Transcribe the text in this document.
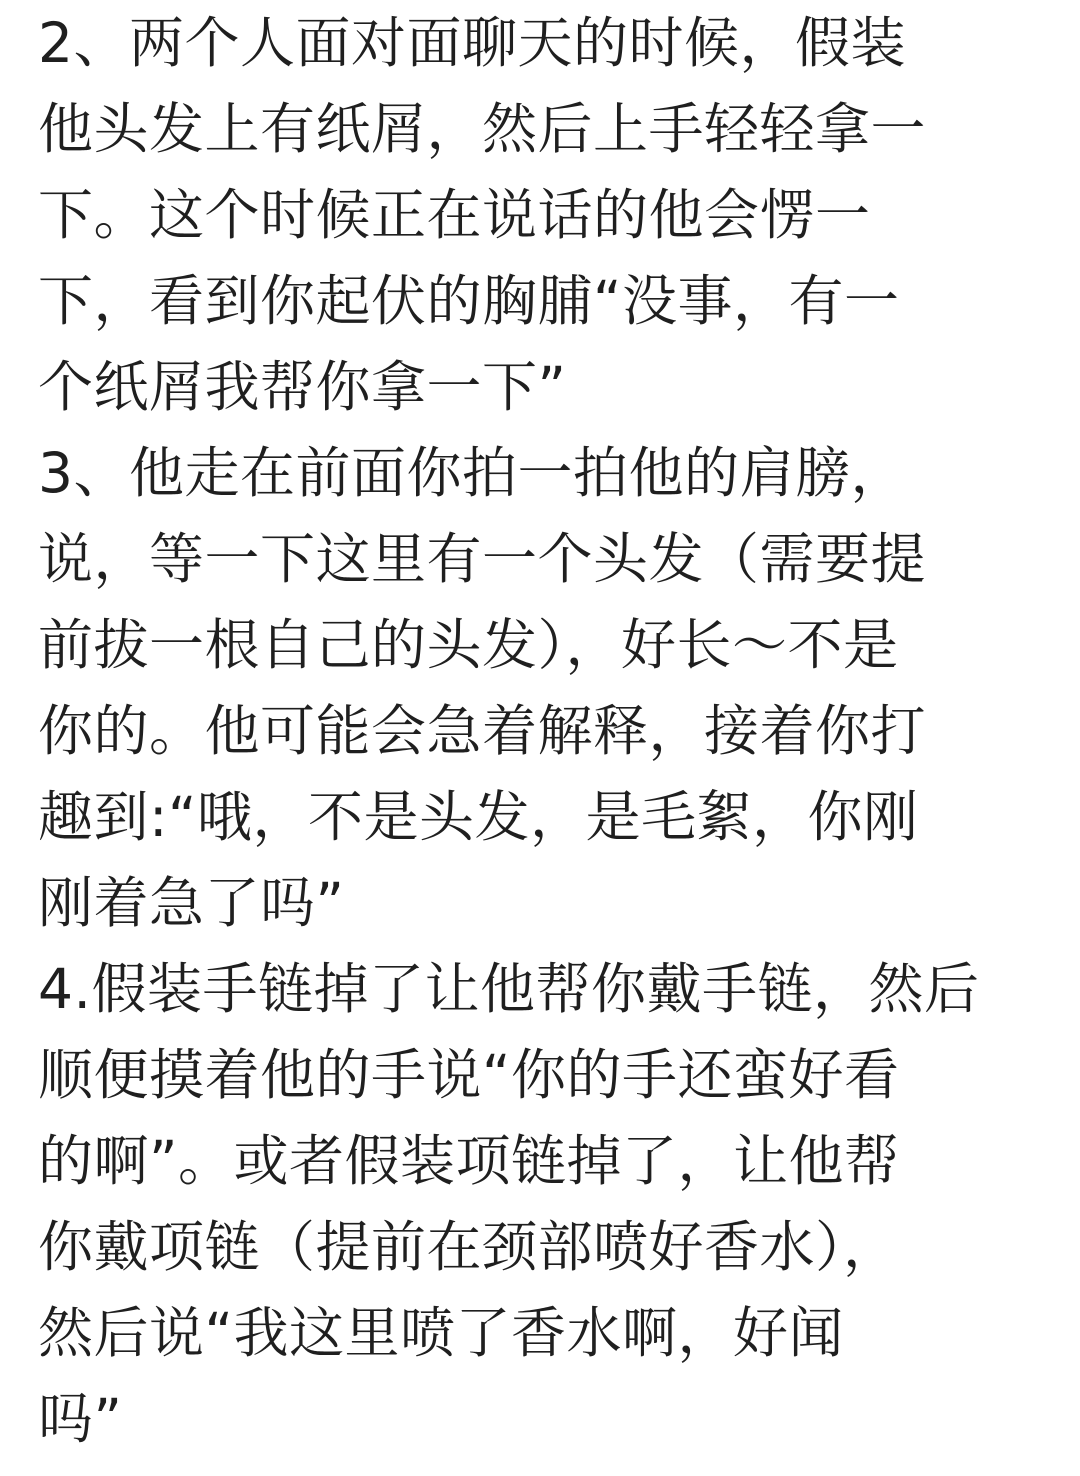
2、两个人面对面聊天的时候，假装
他头发上有纸屑，然后上手轻轻拿一
下。这个时候正在说话的他会愣一
下，看到你起伏的胸脯“没事，有一
个纸屑我帮你拿一下”
3、他走在前面你拍一拍他的肩膀，
说，等一下这里有一个头发（需要提
前拔一根自己的头发），好长～不是
你的。他可能会急着解释，接着你打
趣到:“哦，不是头发，是毛絮，你刚
刚着急了吗”
4.假装手链掉了让他帮你戴手链，然后
顺便摸着他的手说“你的手还蛮好看
的啊”。或者假装项链掉了，让他帮
你戴项链（提前在颈部喷好香水），
然后说“我这里喷了香水啊，好闻
吗”
